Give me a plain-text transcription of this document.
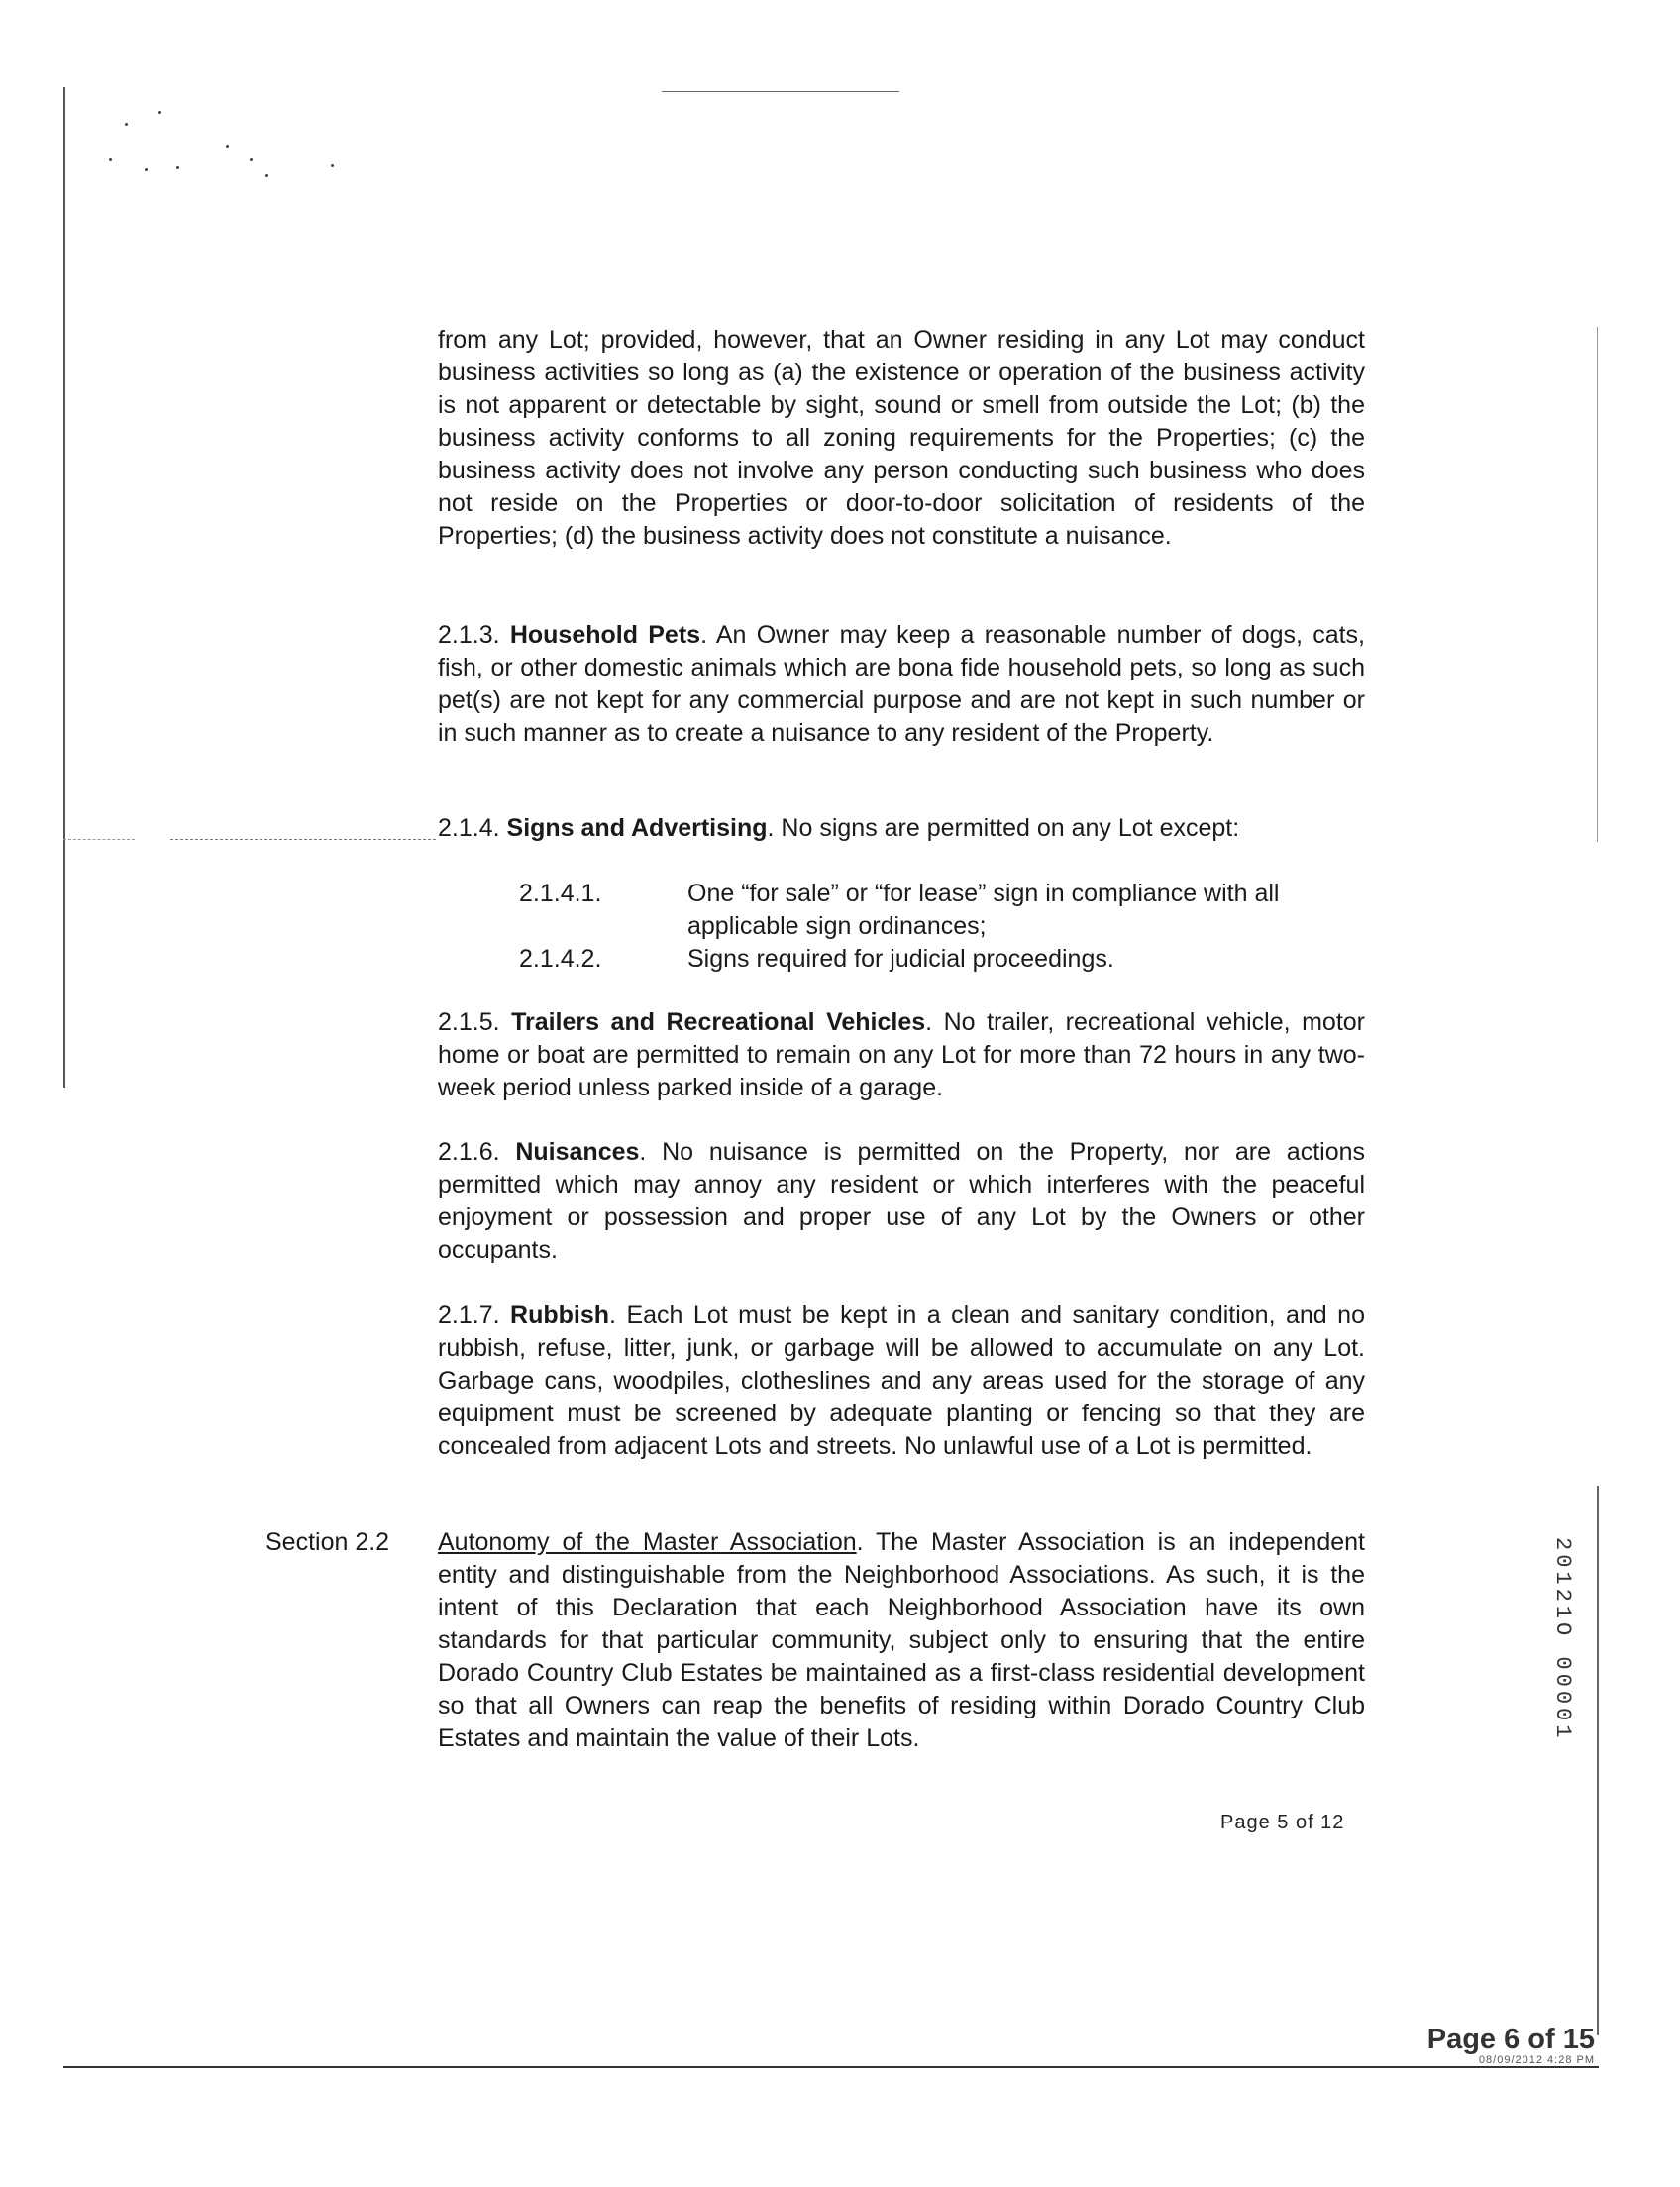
from any Lot; provided, however, that an Owner residing in any Lot may conduct business activities so long as (a) the existence or operation of the business activity is not apparent or detectable by sight, sound or smell from outside the Lot; (b) the business activity conforms to all zoning requirements for the Properties; (c) the business activity does not involve any person conducting such business who does not reside on the Properties or door-to-door solicitation of residents of the Properties; (d) the business activity does not constitute a nuisance.

2.1.3. Household Pets. An Owner may keep a reasonable number of dogs, cats, fish, or other domestic animals which are bona fide household pets, so long as such pet(s) are not kept for any commercial purpose and are not kept in such number or in such manner as to create a nuisance to any resident of the Property.

2.1.4. Signs and Advertising. No signs are permitted on any Lot except:

2.1.4.1.	One “for sale” or “for lease” sign in compliance with all applicable sign ordinances;
2.1.4.2.	Signs required for judicial proceedings.

2.1.5. Trailers and Recreational Vehicles. No trailer, recreational vehicle, motor home or boat are permitted to remain on any Lot for more than 72 hours in any two-week period unless parked inside of a garage.

2.1.6. Nuisances. No nuisance is permitted on the Property, nor are actions permitted which may annoy any resident or which interferes with the peaceful enjoyment or possession and proper use of any Lot by the Owners or other occupants.

2.1.7. Rubbish. Each Lot must be kept in a clean and sanitary condition, and no rubbish, refuse, litter, junk, or garbage will be allowed to accumulate on any Lot. Garbage cans, woodpiles, clotheslines and any areas used for the storage of any equipment must be screened by adequate planting or fencing so that they are concealed from adjacent Lots and streets. No unlawful use of a Lot is permitted.

Section 2.2 Autonomy of the Master Association. The Master Association is an independent entity and distinguishable from the Neighborhood Associations. As such, it is the intent of this Declaration that each Neighborhood Association have its own standards for that particular community, subject only to ensuring that the entire Dorado Country Club Estates be maintained as a first-class residential development so that all Owners can reap the benefits of residing within Dorado Country Club Estates and maintain the value of their Lots.

Page 5 of 12
20121O 00001
Page 6 of 15
08/09/2012 4:28 PM
